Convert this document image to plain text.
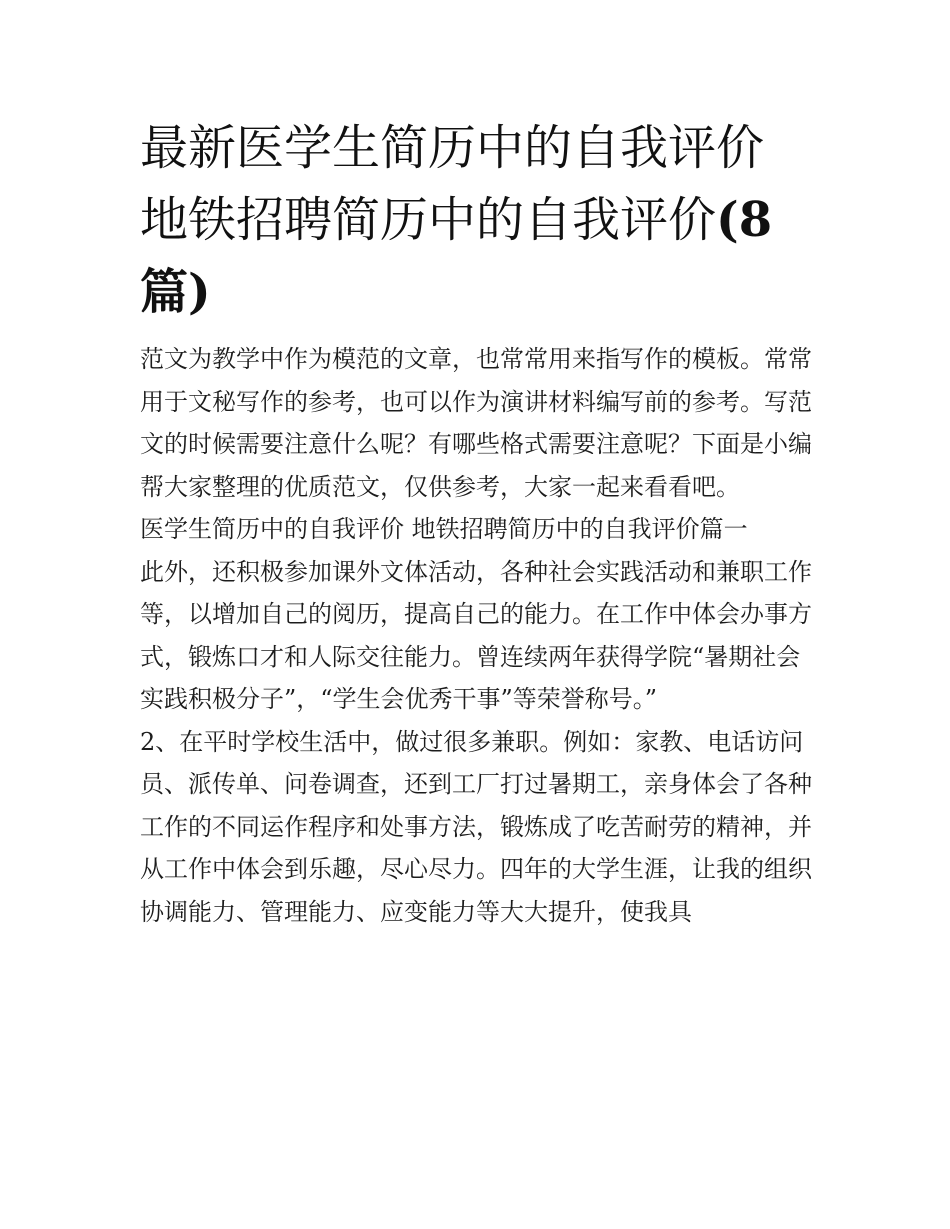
最新医学生简历中的自我评价 地铁招聘简历中的自我评价(8篇)

范文为教学中作为模范的文章，也常常用来指写作的模板。常常用于文秘写作的参考，也可以作为演讲材料编写前的参考。写范文的时候需要注意什么呢？有哪些格式需要注意呢？下面是小编帮大家整理的优质范文，仅供参考，大家一起来看看吧。

医学生简历中的自我评价 地铁招聘简历中的自我评价篇一

此外，还积极参加课外文体活动，各种社会实践活动和兼职工作等，以增加自己的阅历，提高自己的能力。在工作中体会办事方式，锻炼口才和人际交往能力。曾连续两年获得学院“暑期社会实践积极分子”，“学生会优秀干事”等荣誉称号。”

2、在平时学校生活中，做过很多兼职。例如：家教、电话访问员、派传单、问卷调查，还到工厂打过暑期工，亲身体会了各种工作的不同运作程序和处事方法，锻炼成了吃苦耐劳的精神，并从工作中体会到乐趣，尽心尽力。四年的大学生涯，让我的组织协调能力、管理能力、应变能力等大大提升，使我具
